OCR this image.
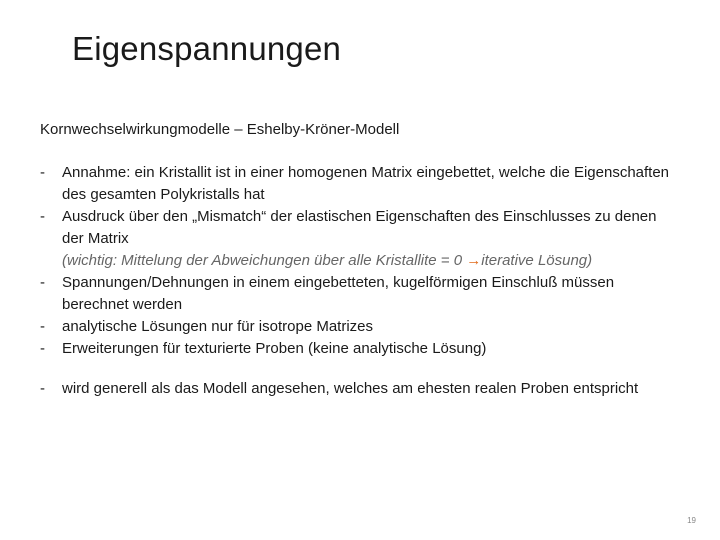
Eigenspannungen
Kornwechselwirkungmodelle – Eshelby-Kröner-Modell
- Annahme: ein Kristallit ist in einer homogenen Matrix eingebettet, welche die Eigenschaften des gesamten Polykristalls hat
- Ausdruck über den „Mismatch“ der elastischen Eigenschaften des Einschlusses zu denen der Matrix
(wichtig: Mittelung der Abweichungen über alle Kristallite = 0 →iterative Lösung)
- Spannungen/Dehnungen in einem eingebetteten, kugelförmigen Einschluß müssen berechnet werden
- analytische Lösungen nur für isotrope Matrizes
- Erweiterungen für texturierte Proben (keine analytische Lösung)
- wird generell als das Modell angesehen, welches am ehesten realen Proben entspricht
19
